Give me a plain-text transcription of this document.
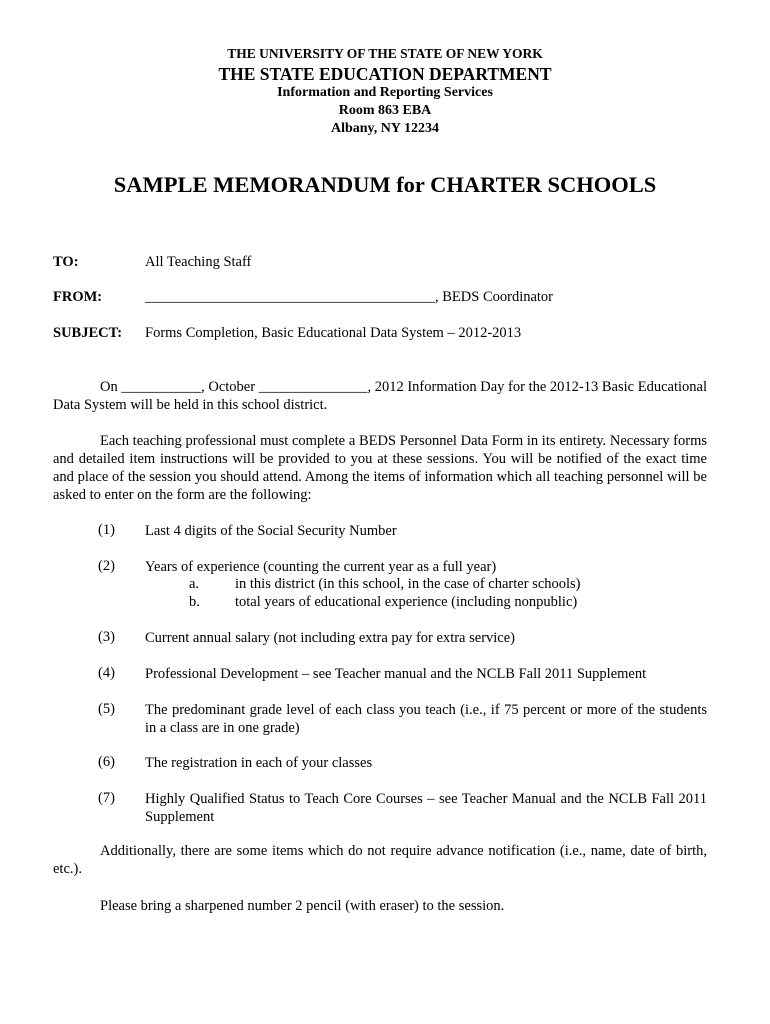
THE UNIVERSITY OF THE STATE OF NEW YORK
THE STATE EDUCATION DEPARTMENT
Information and Reporting Services
Room 863 EBA
Albany, NY 12234
SAMPLE MEMORANDUM for CHARTER SCHOOLS
TO:	All Teaching Staff
FROM:	________________________________________, BEDS Coordinator
SUBJECT: Forms Completion, Basic Educational Data System – 2012-2013
On ___________, October _______________, 2012 Information Day for the 2012-13 Basic Educational Data System will be held in this school district.
Each teaching professional must complete a BEDS Personnel Data Form in its entirety. Necessary forms and detailed item instructions will be provided to you at these sessions. You will be notified of the exact time and place of the session you should attend. Among the items of information which all teaching personnel will be asked to enter on the form are the following:
(1) Last 4 digits of the Social Security Number
(2) Years of experience (counting the current year as a full year)
a. in this district (in this school, in the case of charter schools)
b. total years of educational experience (including nonpublic)
(3) Current annual salary (not including extra pay for extra service)
(4) Professional Development – see Teacher manual and the NCLB Fall 2011 Supplement
(5) The predominant grade level of each class you teach (i.e., if 75 percent or more of the students in a class are in one grade)
(6) The registration in each of your classes
(7) Highly Qualified Status to Teach Core Courses – see Teacher Manual and the NCLB Fall 2011 Supplement
Additionally, there are some items which do not require advance notification (i.e., name, date of birth, etc.).
Please bring a sharpened number 2 pencil (with eraser) to the session.
